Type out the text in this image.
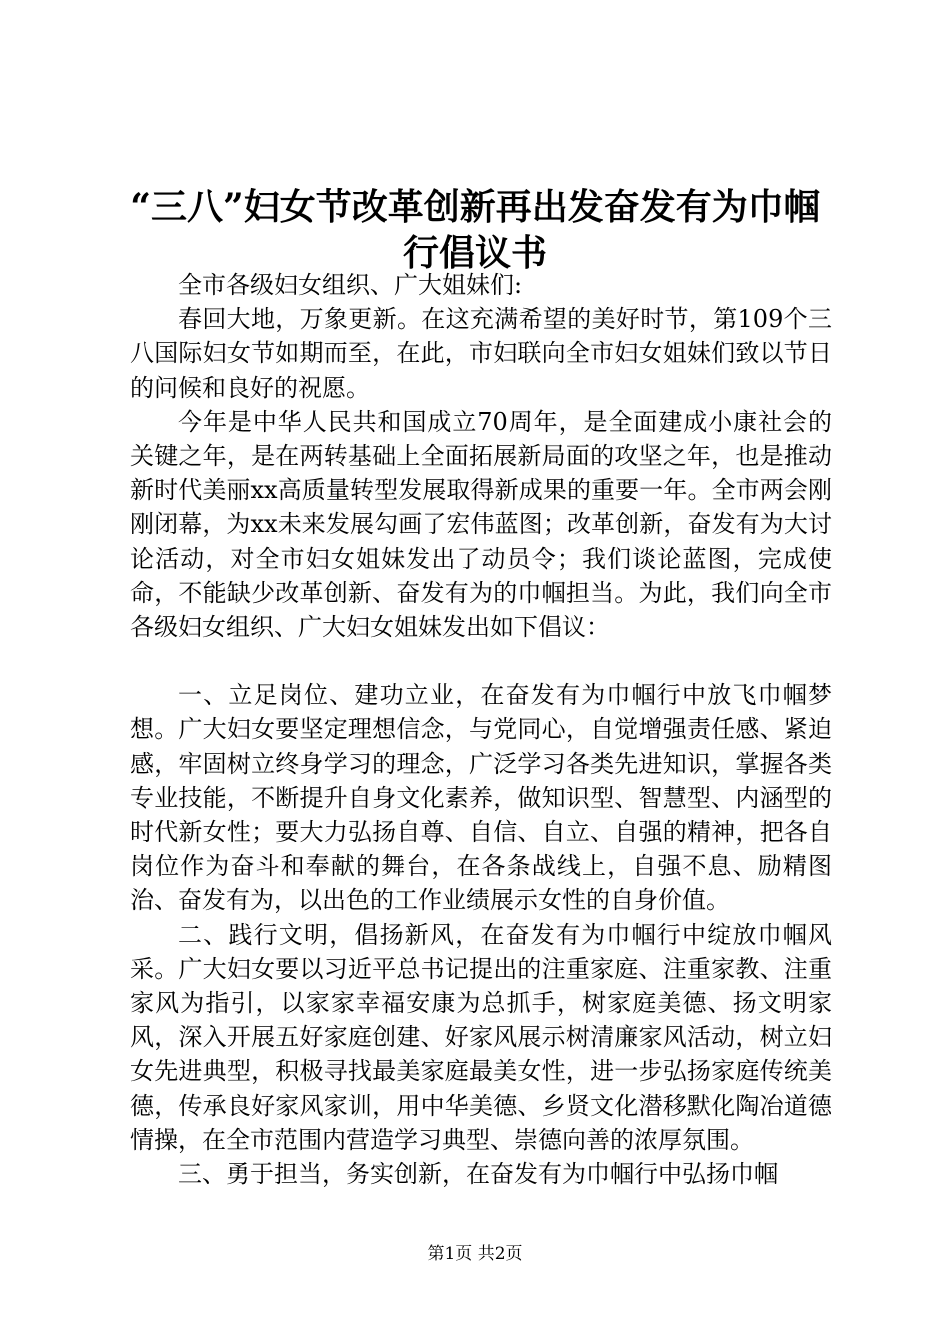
“三八”妇女节改革创新再出发奋发有为巾帼
行倡议书

全市各级妇女组织、广大姐妹们:

春回大地，万象更新。在这充满希望的美好时节，第109个三八国际妇女节如期而至，在此，市妇联向全市妇女姐妹们致以节日的问候和良好的祝愿。

今年是中华人民共和国成立70周年，是全面建成小康社会的关键之年，是在两转基础上全面拓展新局面的攻坚之年，也是推动新时代美丽xx高质量转型发展取得新成果的重要一年。全市两会刚刚闭幕，为xx未来发展勾画了宏伟蓝图；改革创新，奋发有为大讨论活动，对全市妇女姐妹发出了动员令；我们谈论蓝图，完成使命，不能缺少改革创新、奋发有为的巾帼担当。为此，我们向全市各级妇女组织、广大妇女姐妹发出如下倡议：

一、立足岗位、建功立业，在奋发有为巾帼行中放飞巾帼梦想。广大妇女要坚定理想信念，与党同心，自觉增强责任感、紧迫感，牢固树立终身学习的理念，广泛学习各类先进知识，掌握各类专业技能，不断提升自身文化素养，做知识型、智慧型、内涵型的时代新女性；要大力弘扬自尊、自信、自立、自强的精神，把各自岗位作为奋斗和奉献的舞台，在各条战线上，自强不息、励精图治、奋发有为，以出色的工作业绩展示女性的自身价值。

二、践行文明，倡扬新风，在奋发有为巾帼行中绽放巾帼风采。广大妇女要以习近平总书记提出的注重家庭、注重家教、注重家风为指引，以家家幸福安康为总抓手，树家庭美德、扬文明家风，深入开展五好家庭创建、好家风展示树清廉家风活动，树立妇女先进典型，积极寻找最美家庭最美女性，进一步弘扬家庭传统美德，传承良好家风家训，用中华美德、乡贤文化潜移默化陶冶道德情操，在全市范围内营造学习典型、崇德向善的浓厚氛围。

三、勇于担当，务实创新，在奋发有为巾帼行中弘扬巾帼

第1页 共2页
